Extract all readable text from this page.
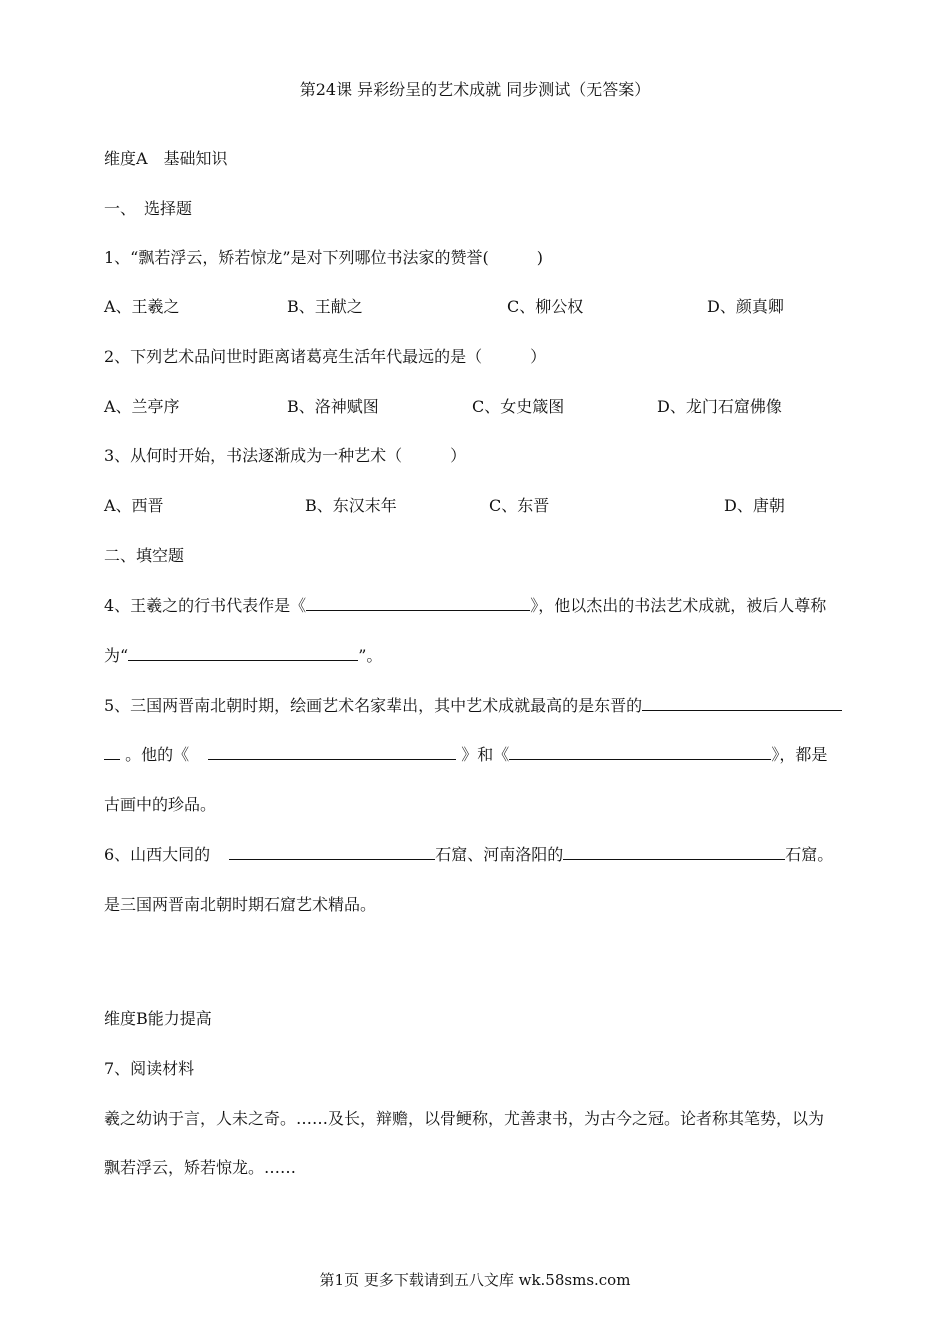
第24课 异彩纷呈的艺术成就 同步测试（无答案）
维度A　基础知识
一、　选择题
1、“飘若浮云，矫若惊龙”是对下列哪位书法家的赞誉(　　　)
A、王羲之	B、王献之	C、柳公权	D、颜真卿
2、下列艺术品问世时距离诸葛亮生活年代最远的是（　　　）
A、兰亭序	B、洛神赋图	C、女史箴图	D、龙门石窟佛像
3、从何时开始，书法逐渐成为一种艺术（　　　）
A、西晋	B、东汉末年	C、东晋	D、唐朝
二、填空题
4、王羲之的行书代表作是《	》，他以杰出的书法艺术成就，被后人尊称
为“	”。
5、三国两晋南北朝时期，绘画艺术名家辈出，其中艺术成就最高的是东晋的
。他的《	》和《	》，都是
古画中的珍品。
6、山西大同的	石窟、河南洛阳的	石窟。
是三国两晋南北朝时期石窟艺术精品。
维度B能力提高
7、阅读材料
羲之幼讷于言，人未之奇。……及长，辩赡，以骨鲠称，尤善隶书，为古今之冠。论者称其笔势，以为
飘若浮云，矫若惊龙。……
第1页 更多下载请到五八文库 wk.58sms.com
